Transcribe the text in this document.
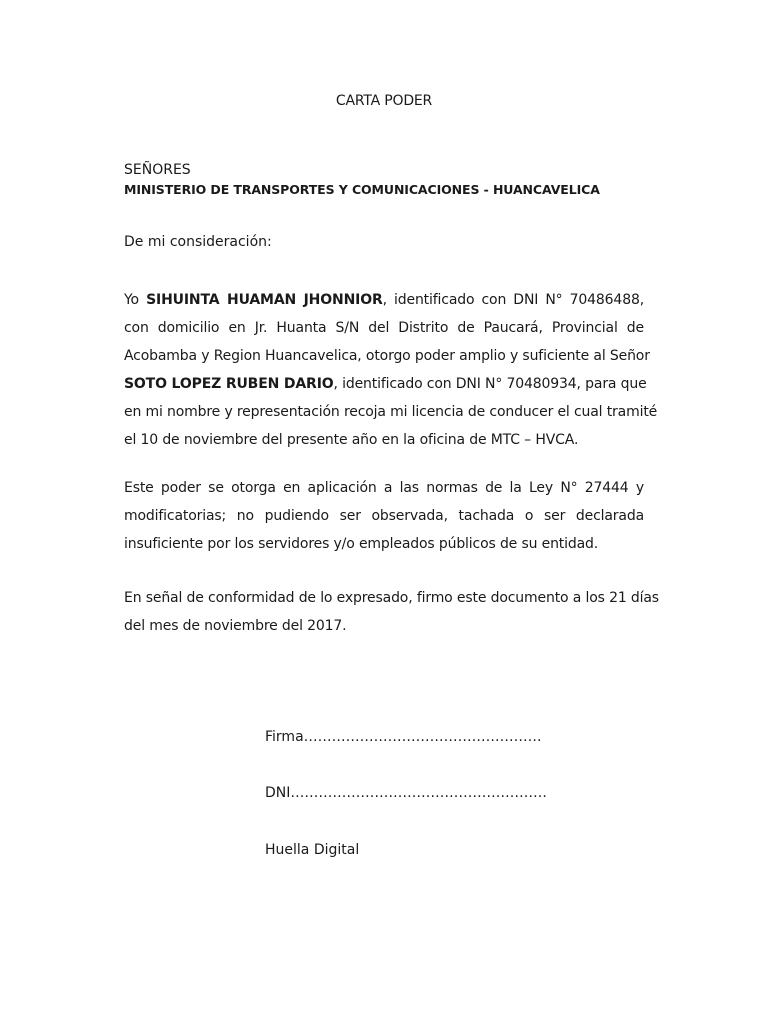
CARTA PODER
SEÑORES
MINISTERIO DE TRANSPORTES Y COMUNICACIONES - HUANCAVELICA
De mi consideración:
Yo SIHUINTA HUAMAN JHONNIOR, identificado con DNI N° 70486488,
con domicilio en Jr. Huanta S/N del Distrito de Paucará, Provincial de
Acobamba y Region Huancavelica, otorgo poder amplio y suficiente al Señor
SOTO LOPEZ RUBEN DARIO, identificado con DNI N° 70480934, para que
en mi nombre y representación recoja mi licencia de conducer el cual tramité
el 10 de noviembre del presente año en la oficina de MTC – HVCA.
Este poder se otorga en aplicación a las normas de la Ley N° 27444 y
modificatorias; no pudiendo ser observada, tachada o ser declarada
insuficiente por los servidores y/o empleados públicos de su entidad.
En señal de conformidad de lo expresado, firmo este documento a los 21 días
del mes de noviembre del 2017.
Firma……………………………………………
DNI……………………………………………….
Huella Digital
